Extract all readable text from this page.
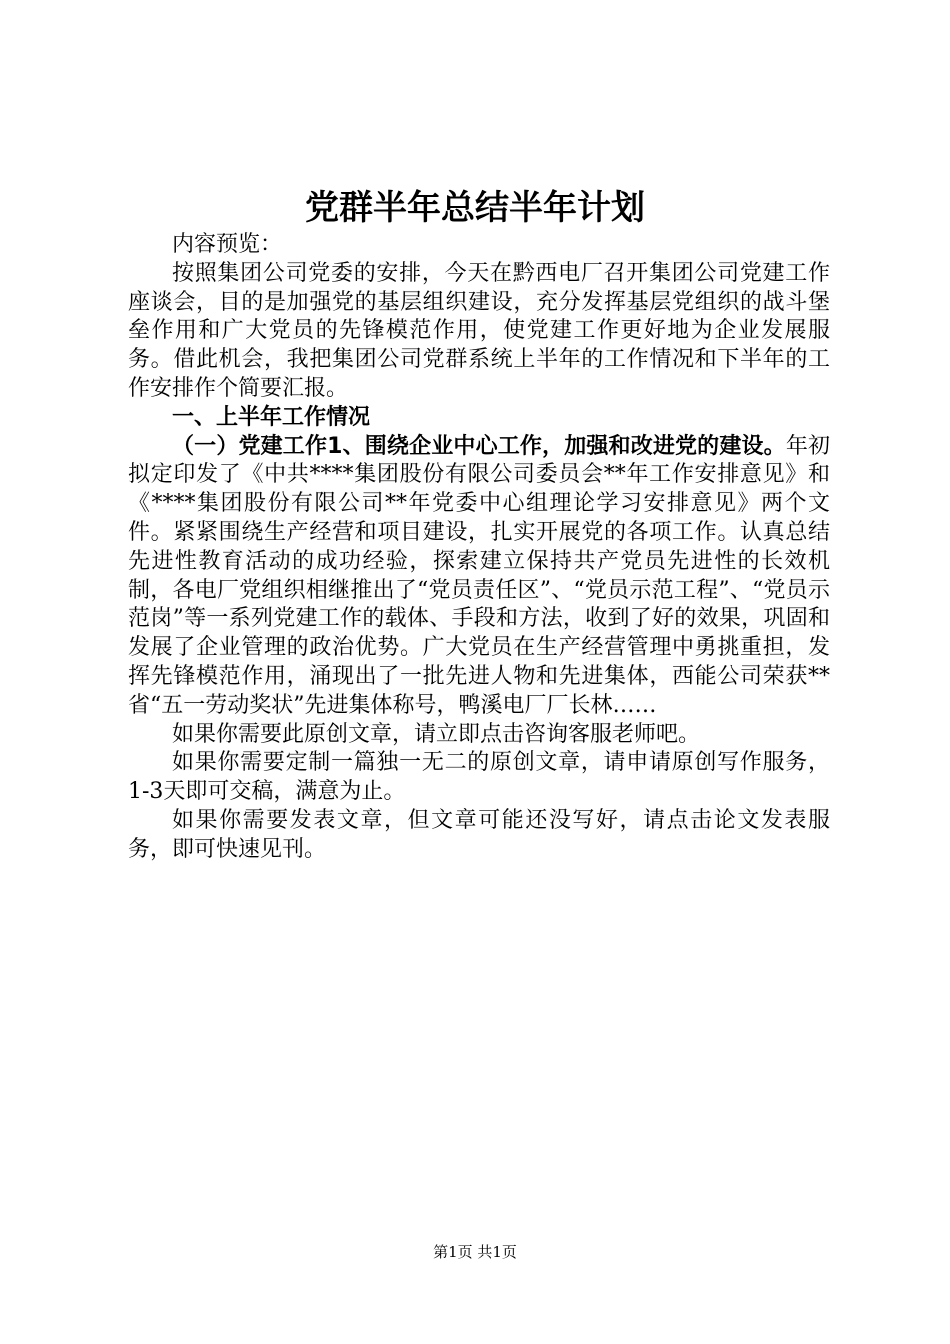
党群半年总结半年计划

内容预览：

按照集团公司党委的安排，今天在黔西电厂召开集团公司党建工作座谈会，目的是加强党的基层组织建设，充分发挥基层党组织的战斗堡垒作用和广大党员的先锋模范作用，使党建工作更好地为企业发展服务。借此机会，我把集团公司党群系统上半年的工作情况和下半年的工作安排作个简要汇报。

一、上半年工作情况

（一）党建工作1、围绕企业中心工作，加强和改进党的建设。年初拟定印发了《中共****集团股份有限公司委员会**年工作安排意见》和《****集团股份有限公司**年党委中心组理论学习安排意见》两个文件。紧紧围绕生产经营和项目建设，扎实开展党的各项工作。认真总结先进性教育活动的成功经验，探索建立保持共产党员先进性的长效机制，各电厂党组织相继推出了“党员责任区”、“党员示范工程”、“党员示范岗”等一系列党建工作的载体、手段和方法，收到了好的效果，巩固和发展了企业管理的政治优势。广大党员在生产经营管理中勇挑重担，发挥先锋模范作用，涌现出了一批先进人物和先进集体，西能公司荣获**省“五一劳动奖状”先进集体称号，鸭溪电厂厂长林……

如果你需要此原创文章，请立即点击咨询客服老师吧。

如果你需要定制一篇独一无二的原创文章，请申请原创写作服务，1-3天即可交稿，满意为止。

如果你需要发表文章，但文章可能还没写好，请点击论文发表服务，即可快速见刊。

第1页 共1页
